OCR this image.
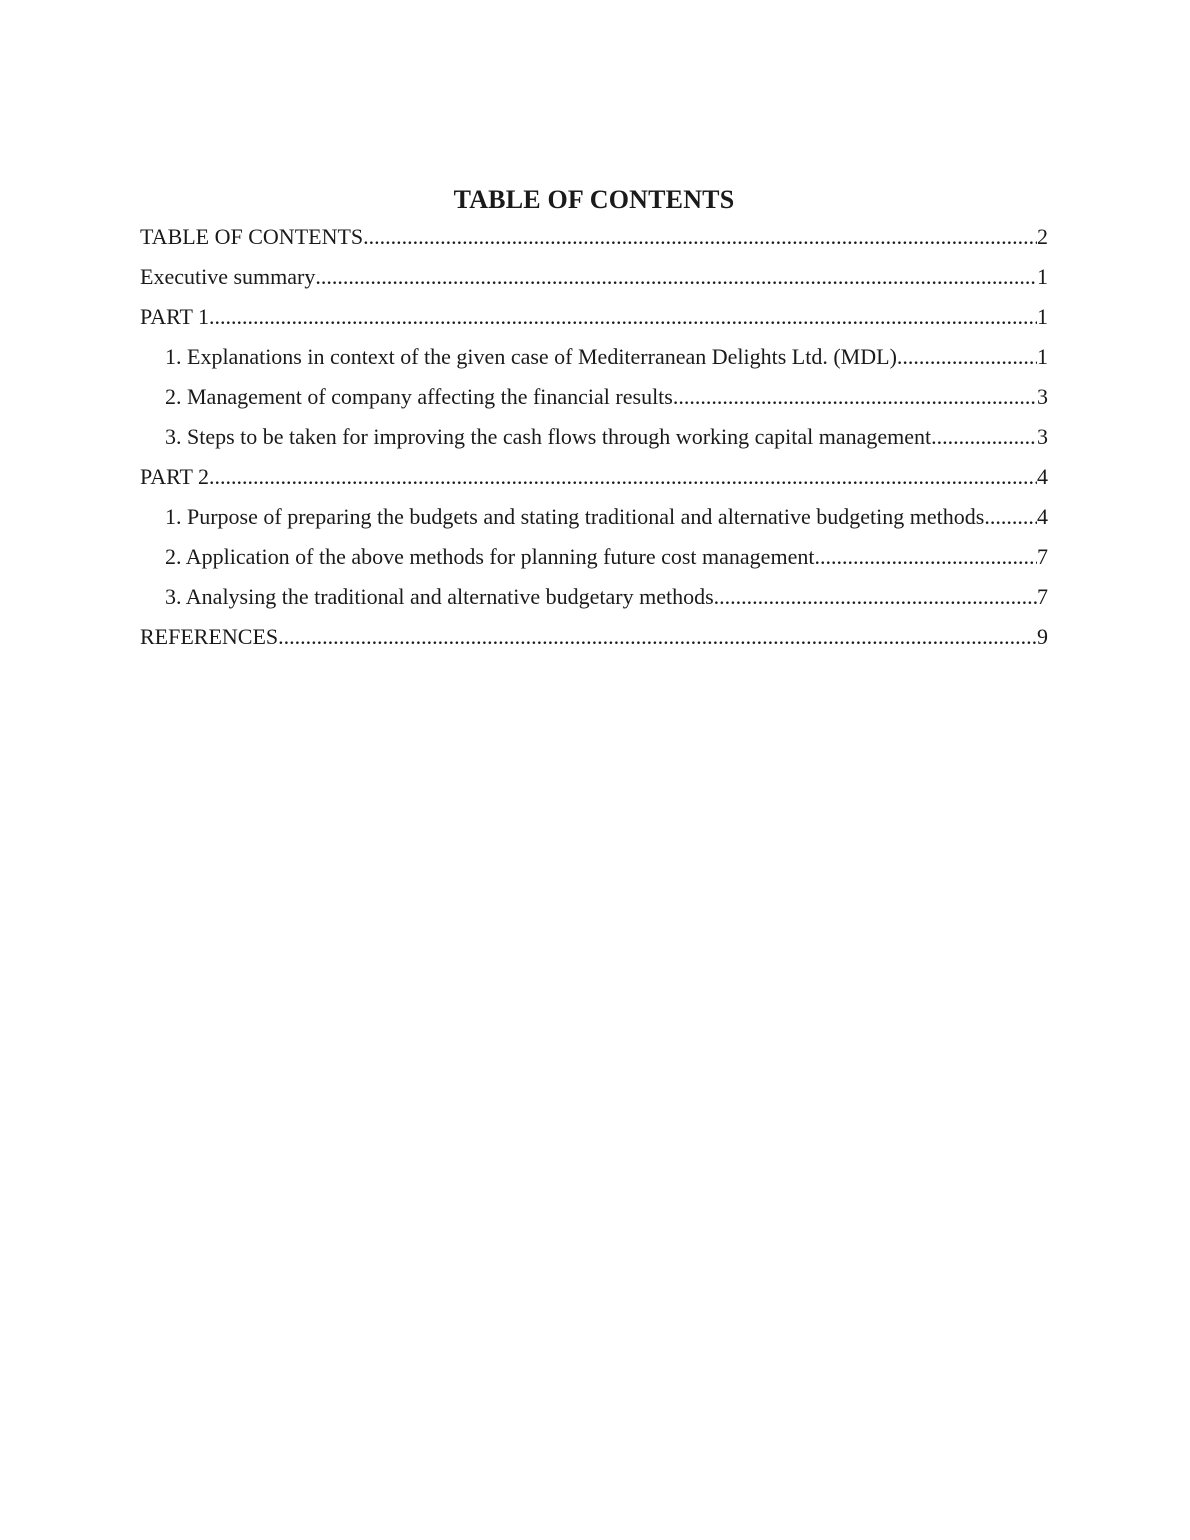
TABLE OF CONTENTS
TABLE OF CONTENTS .....	2
Executive summary .....	1
PART 1 .....	1
1. Explanations in context of the given case of Mediterranean Delights Ltd. (MDL) .....	1
2. Management of company affecting the financial results .....	3
3. Steps to be taken for improving the cash flows through working capital management .....	3
PART 2 .....	4
1. Purpose of preparing the budgets and stating traditional and alternative budgeting methods ..... 4
2. Application of the above methods for planning future cost management .....	7
3. Analysing the traditional and alternative budgetary methods .....	7
REFERENCES .....	9
